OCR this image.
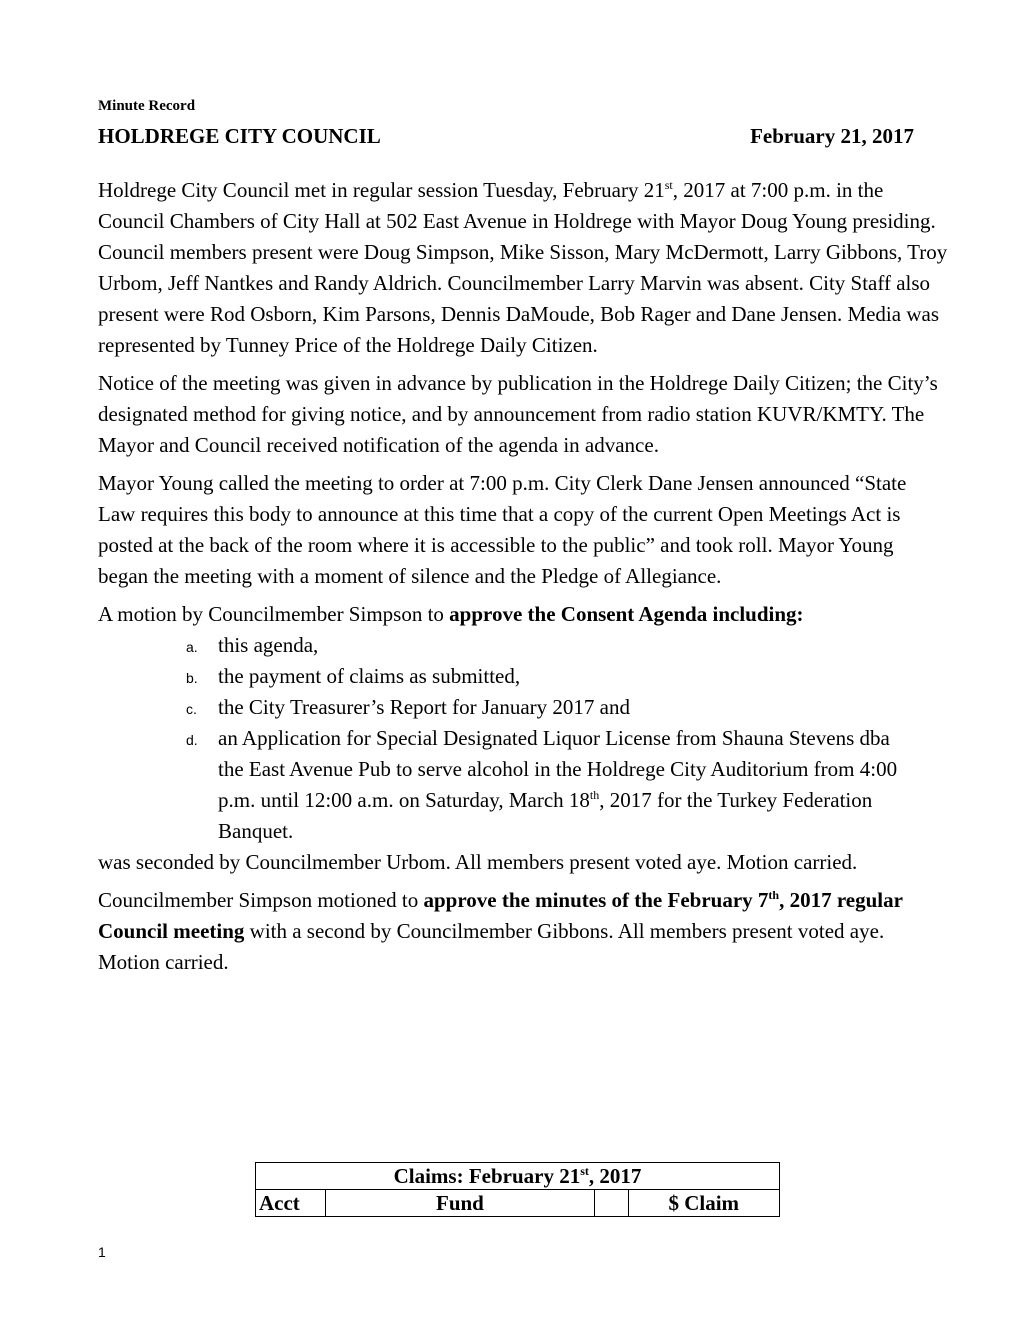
Minute Record
HOLDREGE CITY COUNCIL	February 21, 2017

Holdrege City Council met in regular session Tuesday, February 21st, 2017 at 7:00 p.m. in the Council Chambers of City Hall at 502 East Avenue in Holdrege with Mayor Doug Young presiding. Council members present were Doug Simpson, Mike Sisson, Mary McDermott, Larry Gibbons, Troy Urbom, Jeff Nantkes and Randy Aldrich. Councilmember Larry Marvin was absent. City Staff also present were Rod Osborn, Kim Parsons, Dennis DaMoude, Bob Rager and Dane Jensen. Media was represented by Tunney Price of the Holdrege Daily Citizen.

Notice of the meeting was given in advance by publication in the Holdrege Daily Citizen; the City’s designated method for giving notice, and by announcement from radio station KUVR/KMTY. The Mayor and Council received notification of the agenda in advance.

Mayor Young called the meeting to order at 7:00 p.m. City Clerk Dane Jensen announced “State Law requires this body to announce at this time that a copy of the current Open Meetings Act is posted at the back of the room where it is accessible to the public” and took roll. Mayor Young began the meeting with a moment of silence and the Pledge of Allegiance.

A motion by Councilmember Simpson to approve the Consent Agenda including:

a. this agenda,
b. the payment of claims as submitted,
c. the City Treasurer’s Report for January 2017 and
d. an Application for Special Designated Liquor License from Shauna Stevens dba the East Avenue Pub to serve alcohol in the Holdrege City Auditorium from 4:00 p.m. until 12:00 a.m. on Saturday, March 18th, 2017 for the Turkey Federation Banquet.

was seconded by Councilmember Urbom. All members present voted aye. Motion carried.

Councilmember Simpson motioned to approve the minutes of the February 7th, 2017 regular Council meeting with a second by Councilmember Gibbons. All members present voted aye. Motion carried.

Claims: February 21st, 2017
Acct	Fund		$ Claim
1
